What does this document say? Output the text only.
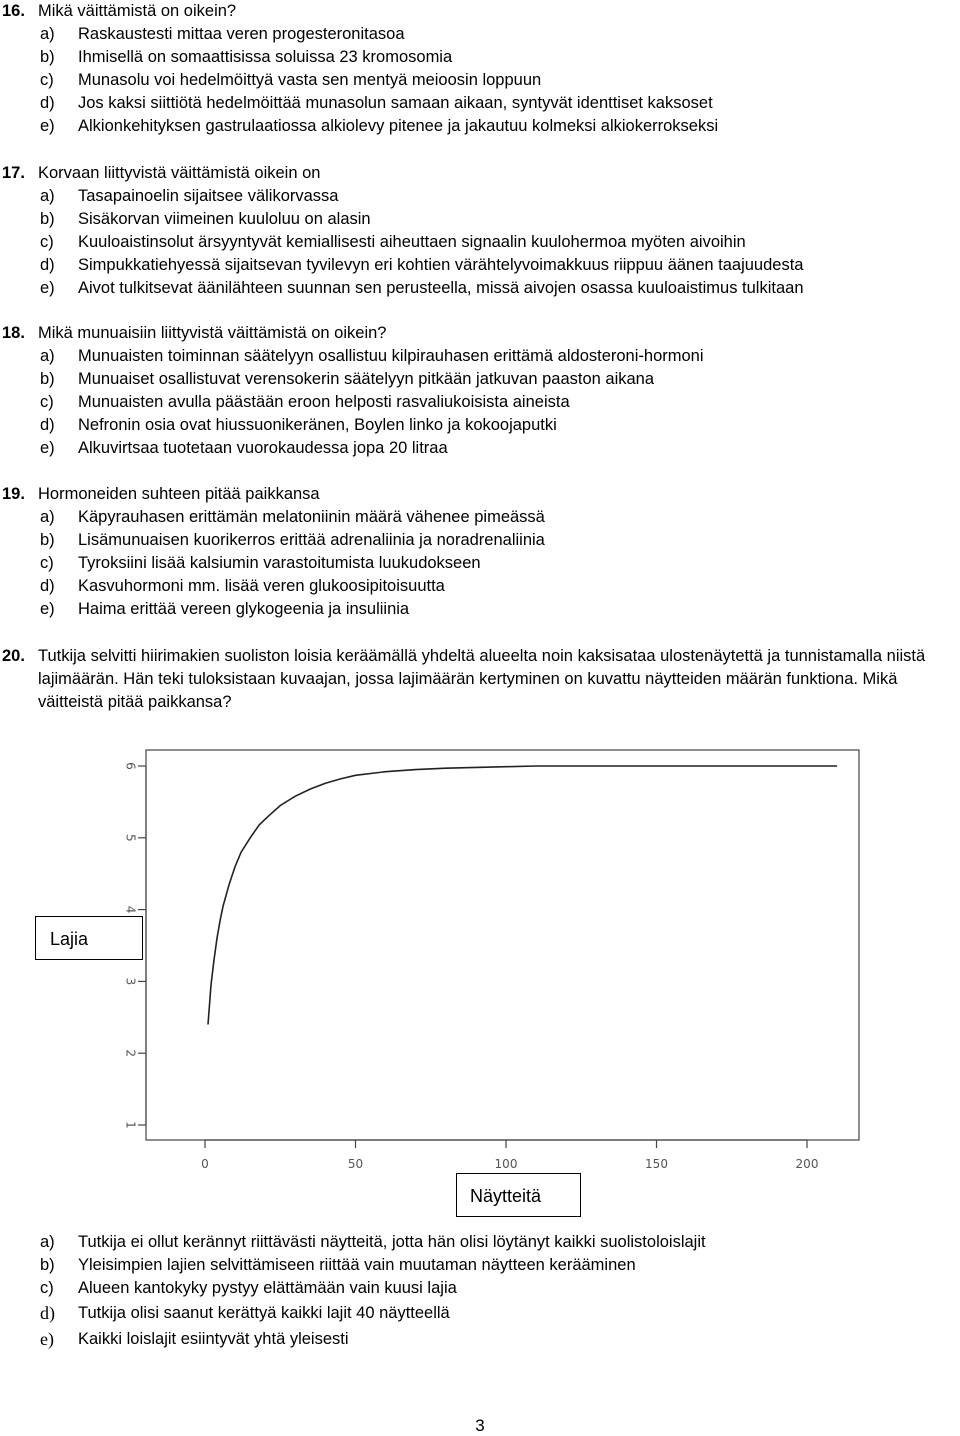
16. Mikä väittämistä on oikein?
a) Raskaustesti mittaa veren progesteronitasoa
b) Ihmisellä on somaattisissa soluissa 23 kromosomia
c) Munasolu voi hedelmöittyä vasta sen mentyä meioosin loppuun
d) Jos kaksi siittiötä hedelmöittää munasolun samaan aikaan, syntyvät identtiset kaksoset
e) Alkionkehityksen gastrulaatiossa alkiolevy pitenee ja jakautuu kolmeksi alkiokerrokseksi
17. Korvaan liittyvistä väittämistä oikein on
a) Tasapainoelin sijaitsee välikorvassa
b) Sisäkorvan viimeinen kuuloluu on alasin
c) Kuuloaistinsolut ärsyyntyvät kemiallisesti aiheuttaen signaalin kuulohermoa myöten aivoihin
d) Simpukkatiehyessä sijaitsevan tyvilevyn eri kohtien värähtelyvoimakkuus riippuu äänen taajuudesta
e) Aivot tulkitsevat äänilähteen suunnan sen perusteella, missä aivojen osassa kuuloaistimus tulkitaan
18. Mikä munuaisiin liittyvistä väittämistä on oikein?
a) Munuaisten toiminnan säätelyyn osallistuu kilpirauhasen erittämä aldosteroni-hormoni
b) Munuaiset osallistuvat verensokerin säätelyyn pitkään jatkuvan paaston aikana
c) Munuaisten avulla päästään eroon helposti rasvaliukoisista aineista
d) Nefronin osia ovat hiussuonikeränen, Boylen linko ja kokoojaputki
e) Alkuvirtsaa tuotetaan vuorokaudessa jopa 20 litraa
19. Hormoneiden suhteen pitää paikkansa
a) Käpyrauhasen erittämän melatoniinin määrä vähenee pimeässä
b) Lisämunuaisen kuorikerros erittää adrenaliinia ja noradrenaliinia
c) Tyroksiini lisää kalsiumin varastoitumista luukudokseen
d) Kasvuhormoni mm. lisää veren glukoosipitoisuutta
e) Haima erittää vereen glykogeenia ja insuliinia
20. Tutkija selvitti hiirimakien suoliston loisia keräämällä yhdeltä alueelta noin kaksisataa ulostenäytettä ja tunnistamalla niistä lajimäärän. Hän teki tuloksistaan kuvaajan, jossa lajimäärän kertyminen on kuvattu näytteiden määrän funktiona. Mikä väitteistä pitää paikkansa?
1
2
3
4
5
6
0	50	100	150	200
Lajia
Näytteitä
a) Tutkija ei ollut kerännyt riittävästi näytteitä, jotta hän olisi löytänyt kaikki suolistoloislajit
b) Yleisimpien lajien selvittämiseen riittää vain muutaman näytteen kerääminen
c) Alueen kantokyky pystyy elättämään vain kuusi lajia
d) Tutkija olisi saanut kerättyä kaikki lajit 40 näytteellä
e) Kaikki loislajit esiintyvät yhtä yleisesti
3
